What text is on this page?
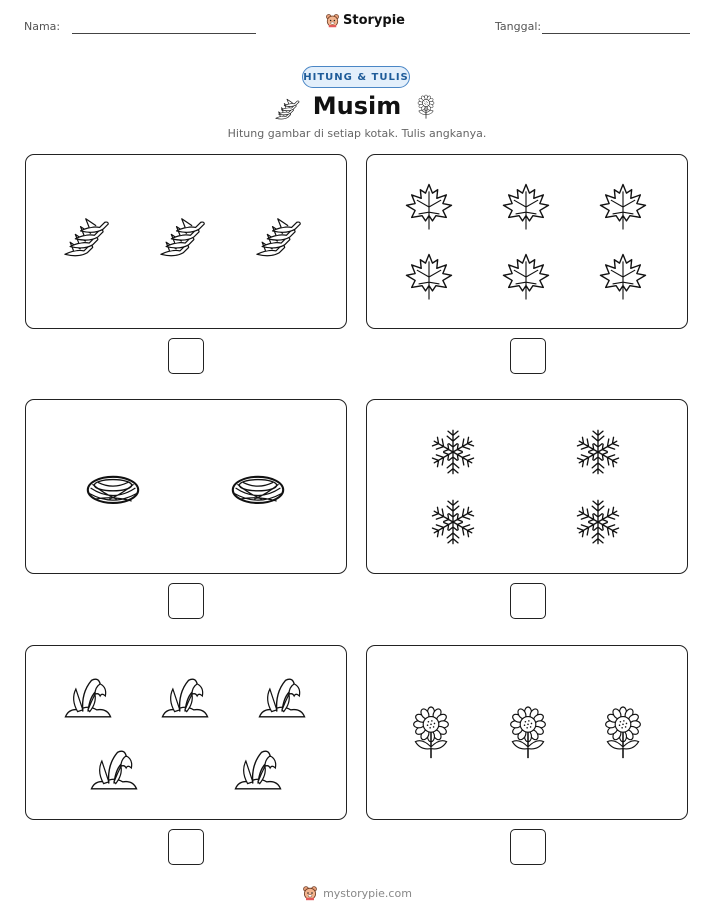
Nama:	Storypie	Tanggal:
HITUNG & TULIS
Musim
Hitung gambar di setiap kotak. Tulis angkanya.
mystorypie.com
